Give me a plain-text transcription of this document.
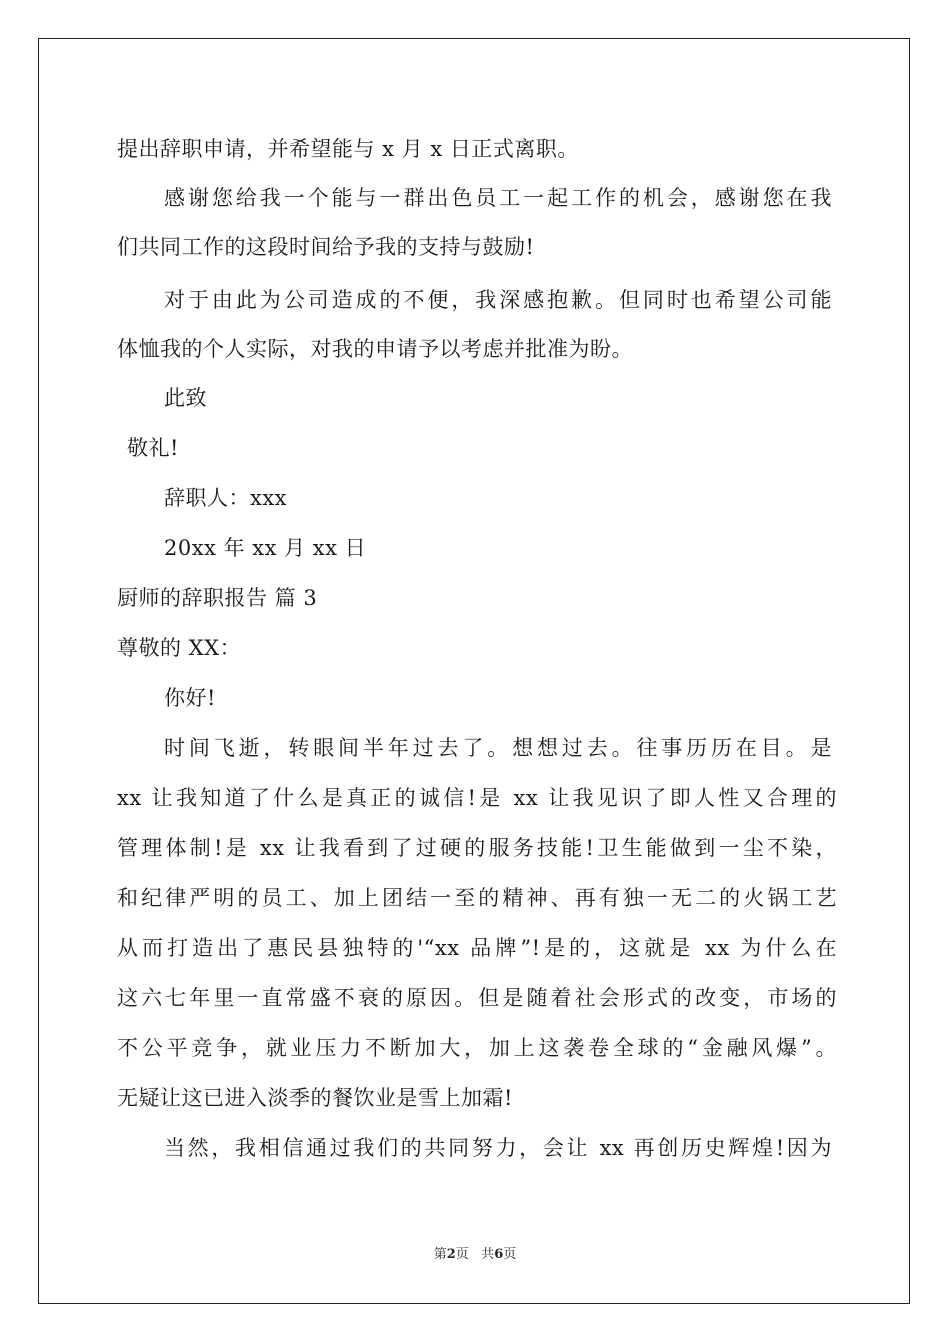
提出辞职申请，并希望能与 x 月 x 日正式离职。
感谢您给我一个能与一群出色员工一起工作的机会，感谢您在我
们共同工作的这段时间给予我的支持与鼓励!
对于由此为公司造成的不便，我深感抱歉。但同时也希望公司能
体恤我的个人实际，对我的申请予以考虑并批准为盼。
此致
敬礼!
辞职人：xxx
20xx 年 xx 月 xx 日
厨师的辞职报告 篇 3
尊敬的 XX：
你好!
时间飞逝，转眼间半年过去了。想想过去。往事历历在目。是
xx 让我知道了什么是真正的诚信!是 xx 让我见识了即人性又合理的
管理体制!是 xx 让我看到了过硬的服务技能!卫生能做到一尘不染，
和纪律严明的员工、加上团结一至的精神、再有独一无二的火锅工艺
从而打造出了惠民县独特的'“xx 品牌”!是的，这就是 xx 为什么在
这六七年里一直常盛不衰的原因。但是随着社会形式的改变，市场的
不公平竞争，就业压力不断加大，加上这袭卷全球的“金融风爆”。
无疑让这已进入淡季的餐饮业是雪上加霜!
当然，我相信通过我们的共同努力，会让 xx 再创历史辉煌!因为
第2页   共6页
